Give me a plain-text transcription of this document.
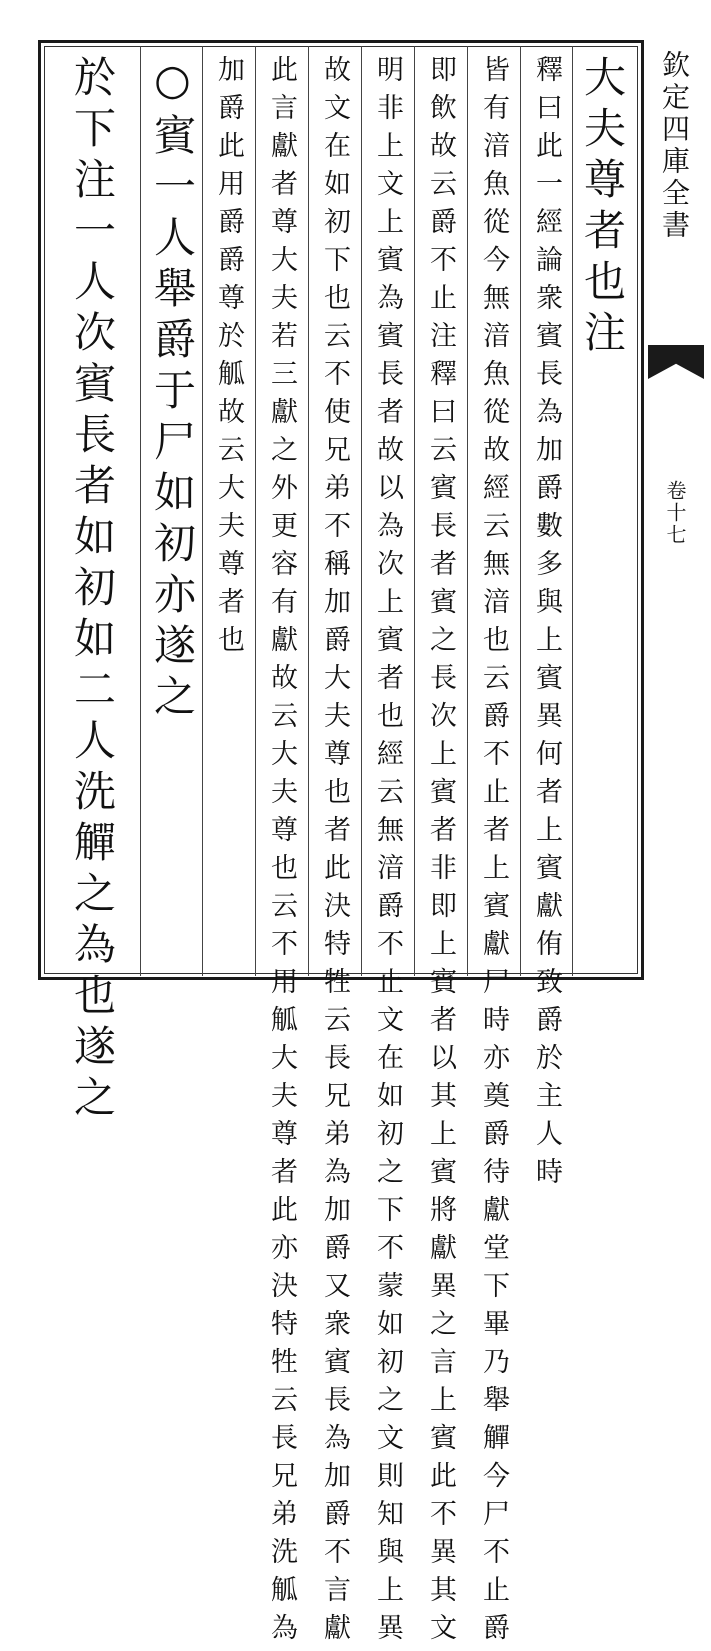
欽定四庫全書
卷十七
大夫尊者也注
釋曰此一經論衆賓長為加爵數多與上賓異何者上賓獻侑致爵於主人時
皆有湆魚從今無湆魚從故經云無湆也云爵不止者上賓獻尸時亦奠爵待獻堂下畢乃舉觶今尸不止爵
即飲故云爵不止注釋曰云賓長者賓之長次上賓者非即上賓者以其上賓將獻異之言上賓此不異其文
明非上文上賓為賓長者故以為次上賓者也經云無湆爵不止文在如初之下不蒙如初之文則知與上異
故文在如初下也云不使兄弟不稱加爵大夫尊也者此決特牲云長兄弟為加爵又衆賓長為加爵不言獻
此言獻者尊大夫若三獻之外更容有獻故云大夫尊也云不用觚大夫尊者此亦決特牲云長兄弟洗觚為
加爵此用爵爵尊於觚故云大夫尊者也
○賓一人舉爵于尸如初亦遂之
於下注一人次賓長者如初如二人洗觶之為也遂之
